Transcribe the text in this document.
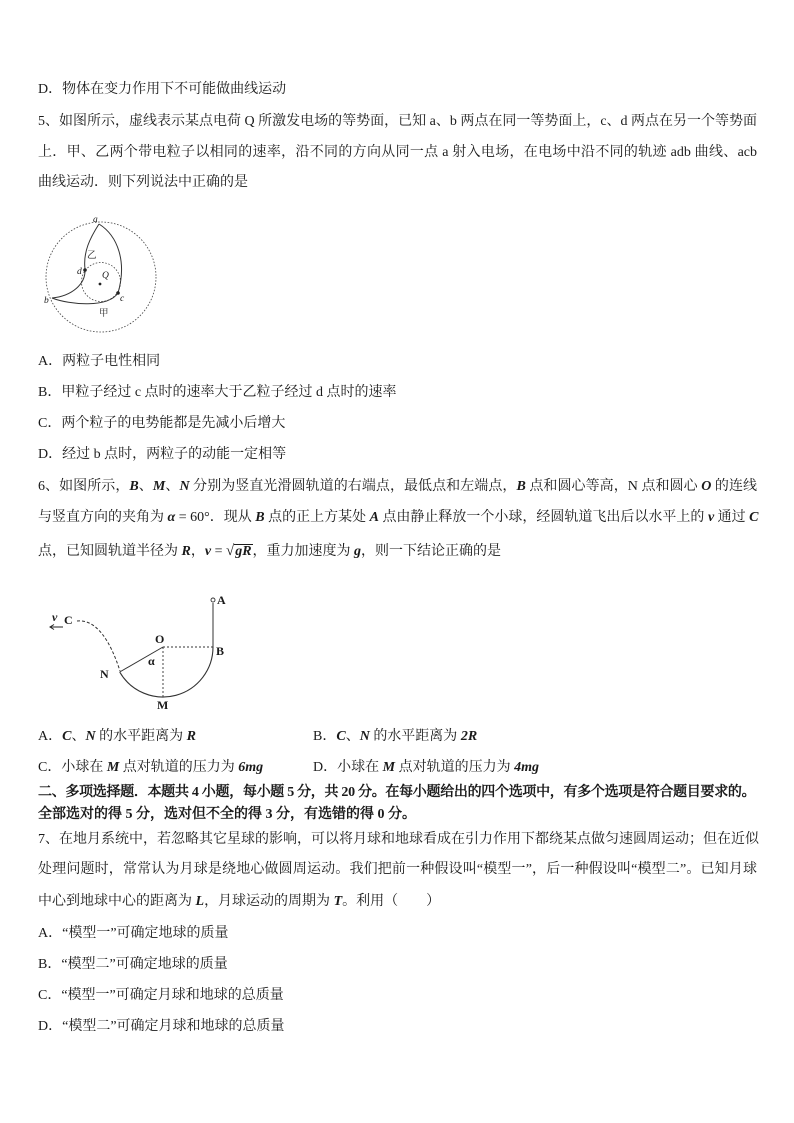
D．物体在变力作用下不可能做曲线运动
5、如图所示，虚线表示某点电荷 Q 所激发电场的等势面，已知 a、b 两点在同一等势面上，c、d 两点在另一个等势面
上．甲、乙两个带电粒子以相同的速率，沿不同的方向从同一点 a 射入电场，在电场中沿不同的轨迹 adb 曲线、acb
曲线运动．则下列说法中正确的是
a
b	c
d Q
乙
甲
A．两粒子电性相同
B．甲粒子经过 c 点时的速率大于乙粒子经过 d 点时的速率
C．两个粒子的电势能都是先减小后增大
D．经过 b 点时，两粒子的动能一定相等
6、如图所示，B、M、N 分别为竖直光滑圆轨道的右端点，最低点和左端点，B 点和圆心等高，N 点和圆心 O 的连线
与竖直方向的夹角为 α = 60°．现从 B 点的正上方某处 A 点由静止释放一个小球，经圆轨道飞出后以水平上的 v 通过 C
点，已知圆轨道半径为 R，v = √gR，重力加速度为 g，则一下结论正确的是
v C
A
B
O
α
N
M
A．C、N 的水平距离为 R	B．C、N 的水平距离为 2R
C．小球在 M 点对轨道的压力为 6mg	D．小球在 M 点对轨道的压力为 4mg
二、多项选择题．本题共 4 小题，每小题 5 分，共 20 分。在每小题给出的四个选项中，有多个选项是符合题目要求的。
全部选对的得 5 分，选对但不全的得 3 分，有选错的得 0 分。
7、在地月系统中，若忽略其它星球的影响，可以将月球和地球看成在引力作用下都绕某点做匀速圆周运动；但在近似
处理问题时，常常认为月球是绕地心做圆周运动。我们把前一种假设叫“模型一”，后一种假设叫“模型二”。已知月球
中心到地球中心的距离为 L，月球运动的周期为 T。利用（　　）
A．“模型一”可确定地球的质量
B．“模型二”可确定地球的质量
C．“模型一”可确定月球和地球的总质量
D．“模型二”可确定月球和地球的总质量
